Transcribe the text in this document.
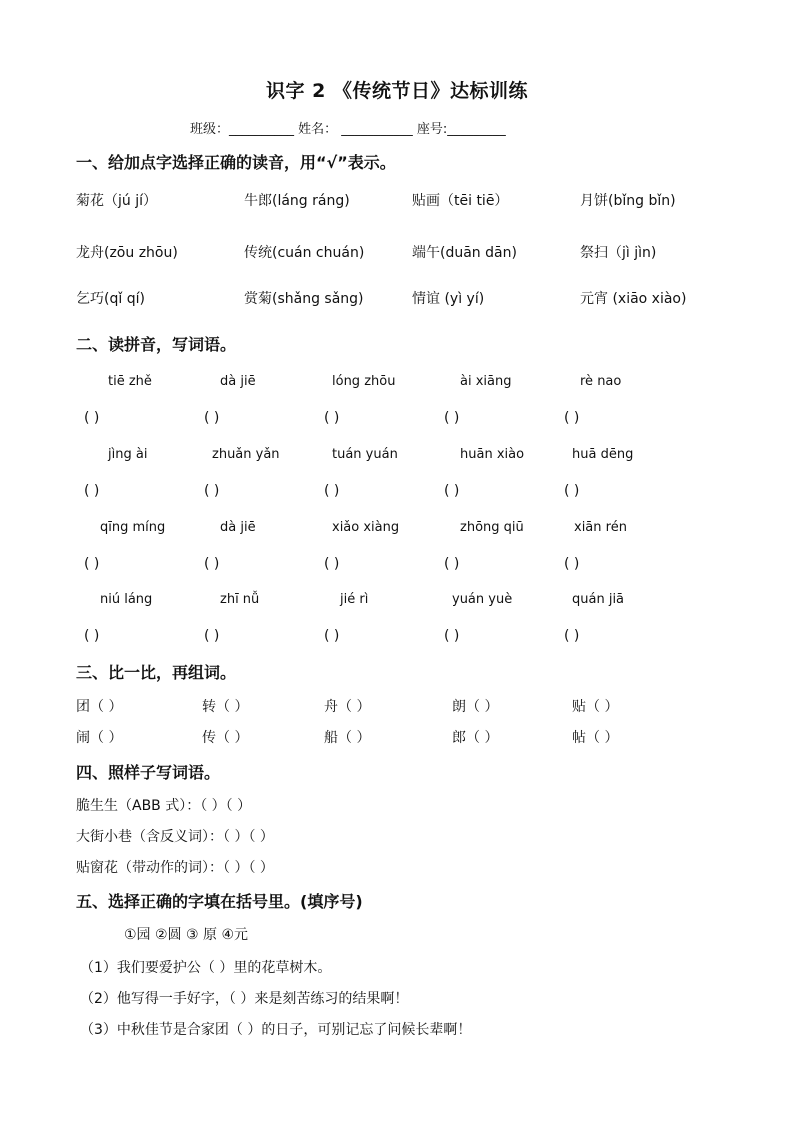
识字 2 《传统节日》达标训练
班级：__________ 姓名： ___________ 座号:_________
一、给加点字选择正确的读音，用“√”表示。
菊花（jú jí）	牛郎(láng ráng)	贴画（tēi tiē）	月饼(bǐng bǐn)
龙舟(zōu zhōu)	传统(cuán chuán)	端午(duān dān)	祭扫（jì jìn)
乞巧(qǐ qí)	赏菊(shǎng sǎng)	情谊 (yì yí)	元宵 (xiāo xiào)
二、读拼音，写词语。
tiē zhě	dà jiē	lóng zhōu	ài xiāng	rè nao
( )	( )	( )	( )	( )
jìng ài	zhuǎn yǎn	tuán yuán	huān xiào	huā dēng
( )	( )	( )	( )	( )
qīng míng	dà jiē	xiǎo xiàng	zhōng qiū	xiān rén
( )	( )	( )	( )	( )
niú láng	zhī nǚ	jié rì	yuán yuè	quán jiā
( )	( )	( )	( )	( )
三、比一比，再组词。
团（ ）	转（ ）	舟（ ）	朗（ ）	贴（ ）
闹（ ）	传（ ）	船（ ）	郎（ ）	帖（ ）
四、照样子写词语。
脆生生（ABB 式）：（ ）（ ）
大街小巷（含反义词）：（ ）（ ）
贴窗花（带动作的词）：（ ）（ ）
五、选择正确的字填在括号里。(填序号)
①园 ②圆 ③ 原 ④元
（1）我们要爱护公（ ）里的花草树木。
（2）他写得一手好字，（ ）来是刻苦练习的结果啊！
（3）中秋佳节是合家团（ ）的日子，可别记忘了问候长辈啊！
